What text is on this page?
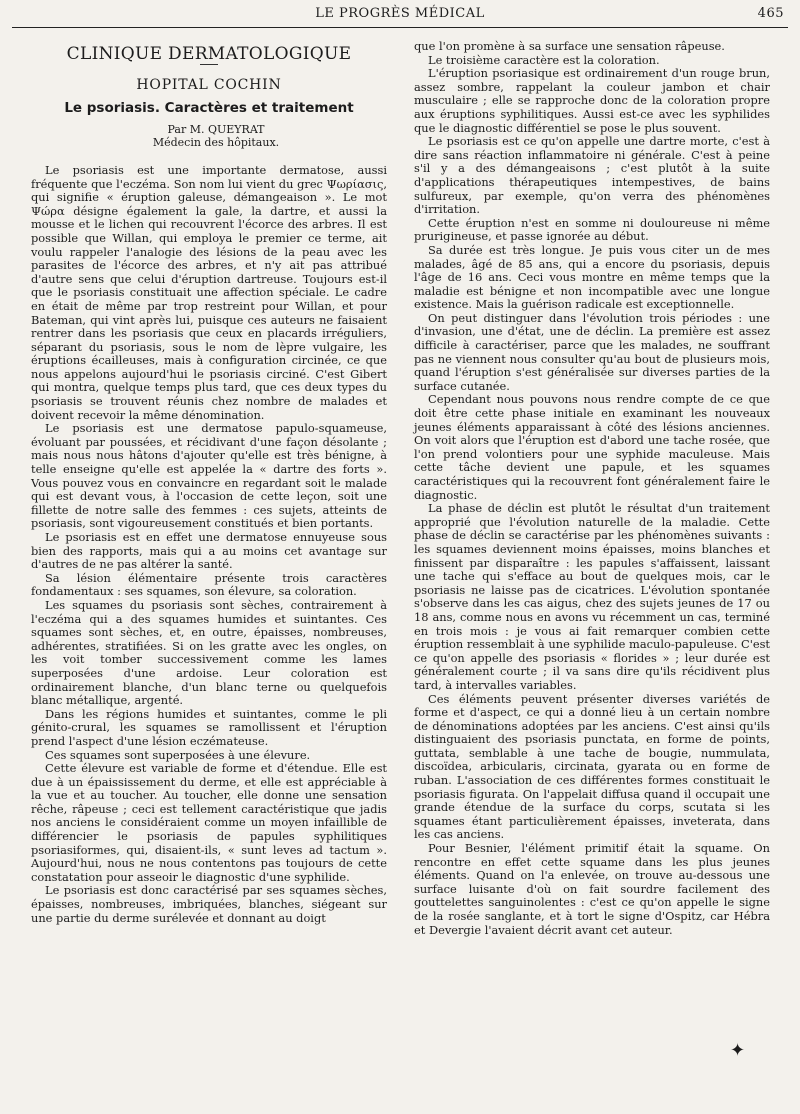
LE PROGRÈS MÉDICAL	465
CLINIQUE DERMATOLOGIQUE
HOPITAL COCHIN
Le psoriasis. Caractères et traitement

Par M. QUEYRAT

Médecin des hôpitaux.

Le psoriasis est une importante dermatose, aussi fréquente que l'eczéma. Son nom lui vient du grec Ψωρίασις, qui signifie « éruption galeuse, démangeaison ». Le mot Ψώρα désigne également la gale, la dartre, et aussi la mousse et le lichen qui recouvrent l'écorce des arbres. Il est possible que Willan, qui employa le premier ce terme, ait voulu rappeler l'analogie des lésions de la peau avec les parasites de l'écorce des arbres, et n'y ait pas attribué d'autre sens que celui d'éruption dartreuse. Toujours est-il que le psoriasis constituait une affection spéciale. Le cadre en était de même par trop restreint pour Willan, et pour Bateman, qui vint après lui, puisque ces auteurs ne faisaient rentrer dans les psoriasis que ceux en placards irréguliers, séparant du psoriasis, sous le nom de lèpre vulgaire, les éruptions écailleuses, mais à configuration circinée, ce que nous appelons aujourd'hui le psoriasis circiné. C'est Gibert qui montra, quelque temps plus tard, que ces deux types du psoriasis se trouvent réunis chez nombre de malades et doivent recevoir la même dénomination.

Le psoriasis est une dermatose papulo-squameuse, évoluant par poussées, et récidivant d'une façon désolante ; mais nous nous hâtons d'ajouter qu'elle est très bénigne, à telle enseigne qu'elle est appelée la « dartre des forts ». Vous pouvez vous en convaincre en regardant soit le malade qui est devant vous, à l'occasion de cette leçon, soit une fillette de notre salle des femmes : ces sujets, atteints de psoriasis, sont vigoureusement constitués et bien portants.

Le psoriasis est en effet une dermatose ennuyeuse sous bien des rapports, mais qui a au moins cet avantage sur d'autres de ne pas altérer la santé.

Sa lésion élémentaire présente trois caractères fondamentaux : ses squames, son élevure, sa coloration.

Les squames du psoriasis sont sèches, contrairement à l'eczéma qui a des squames humides et suintantes. Ces squames sont sèches, et, en outre, épaisses, nombreuses, adhérentes, stratifiées. Si on les gratte avec les ongles, on les voit tomber successivement comme les lames superposées d'une ardoise. Leur coloration est ordinairement blanche, d'un blanc terne ou quelquefois blanc métallique, argenté.

Dans les régions humides et suintantes, comme le pli génito-crural, les squames se ramollissent et l'éruption prend l'aspect d'une lésion eczémateuse.

Ces squames sont superposées à une élevure.

Cette élevure est variable de forme et d'étendue. Elle est due à un épaississement du derme, et elle est appréciable à la vue et au toucher. Au toucher, elle donne une sensation rêche, râpeuse ; ceci est tellement caractéristique que jadis nos anciens le considéraient comme un moyen infaillible de différencier le psoriasis de papules syphilitiques psoriasiformes, qui, disaient-ils, « sunt leves ad tactum ». Aujourd'hui, nous ne nous contentons pas toujours de cette constatation pour asseoir le diagnostic d'une syphilide.

Le psoriasis est donc caractérisé par ses squames sèches, épaisses, nombreuses, imbriquées, blanches, siégeant sur une partie du derme surélevée et donnant au doigt

que l'on promène à sa surface une sensation râpeuse.

Le troisième caractère est la coloration.

L'éruption psoriasique est ordinairement d'un rouge brun, assez sombre, rappelant la couleur jambon et chair musculaire ; elle se rapproche donc de la coloration propre aux éruptions syphilitiques. Aussi est-ce avec les syphilides que le diagnostic différentiel se pose le plus souvent.

Le psoriasis est ce qu'on appelle une dartre morte, c'est à dire sans réaction inflammatoire ni générale. C'est à peine s'il y a des démangeaisons ; c'est plutôt à la suite d'applications thérapeutiques intempestives, de bains sulfureux, par exemple, qu'on verra des phénomènes d'irritation.

Cette éruption n'est en somme ni douloureuse ni même prurigineuse, et passe ignorée au début.

Sa durée est très longue. Je puis vous citer un de mes malades, âgé de 85 ans, qui a encore du psoriasis, depuis l'âge de 16 ans. Ceci vous montre en même temps que la maladie est bénigne et non incompatible avec une longue existence. Mais la guérison radicale est exceptionnelle.

On peut distinguer dans l'évolution trois périodes : une d'invasion, une d'état, une de déclin. La première est assez difficile à caractériser, parce que les malades, ne souffrant pas ne viennent nous consulter qu'au bout de plusieurs mois, quand l'éruption s'est généralisée sur diverses parties de la surface cutanée.

Cependant nous pouvons nous rendre compte de ce que doit être cette phase initiale en examinant les nouveaux jeunes éléments apparaissant à côté des lésions anciennes. On voit alors que l'éruption est d'abord une tache rosée, que l'on prend volontiers pour une syphide maculeuse. Mais cette tâche devient une papule, et les squames caractéristiques qui la recouvrent font généralement faire le diagnostic.

La phase de déclin est plutôt le résultat d'un traitement approprié que l'évolution naturelle de la maladie. Cette phase de déclin se caractérise par les phénomènes suivants : les squames deviennent moins épaisses, moins blanches et finissent par disparaître : les papules s'affaissent, laissant une tache qui s'efface au bout de quelques mois, car le psoriasis ne laisse pas de cicatrices. L'évolution spontanée s'observe dans les cas aigus, chez des sujets jeunes de 17 ou 18 ans, comme nous en avons vu récemment un cas, terminé en trois mois : je vous ai fait remarquer combien cette éruption ressemblait à une syphilide maculo-papuleuse. C'est ce qu'on appelle des psoriasis « florides » ; leur durée est généralement courte ; il va sans dire qu'ils récidivent plus tard, à intervalles variables.

Ces éléments peuvent présenter diverses variétés de forme et d'aspect, ce qui a donné lieu à un certain nombre de dénominations adoptées par les anciens. C'est ainsi qu'ils distinguaient des psoriasis punctata, en forme de points, guttata, semblable à une tache de bougie, nummulata, discoïdea, arbicularis, circinata, gyarata ou en forme de ruban. L'association de ces différentes formes constituait le psoriasis figurata. On l'appelait diffusa quand il occupait une grande étendue de la surface du corps, scutata si les squames étant particulièrement épaisses, inveterata, dans les cas anciens.

Pour Besnier, l'élément primitif était la squame. On rencontre en effet cette squame dans les plus jeunes éléments. Quand on l'a enlevée, on trouve au-dessous une surface luisante d'où on fait sourdre facilement des gouttelettes sanguinolentes : c'est ce qu'on appelle le signe de la rosée sanglante, et à tort le signe d'Ospitz, car Hébra et Devergie l'avaient décrit avant cet auteur.

✦
